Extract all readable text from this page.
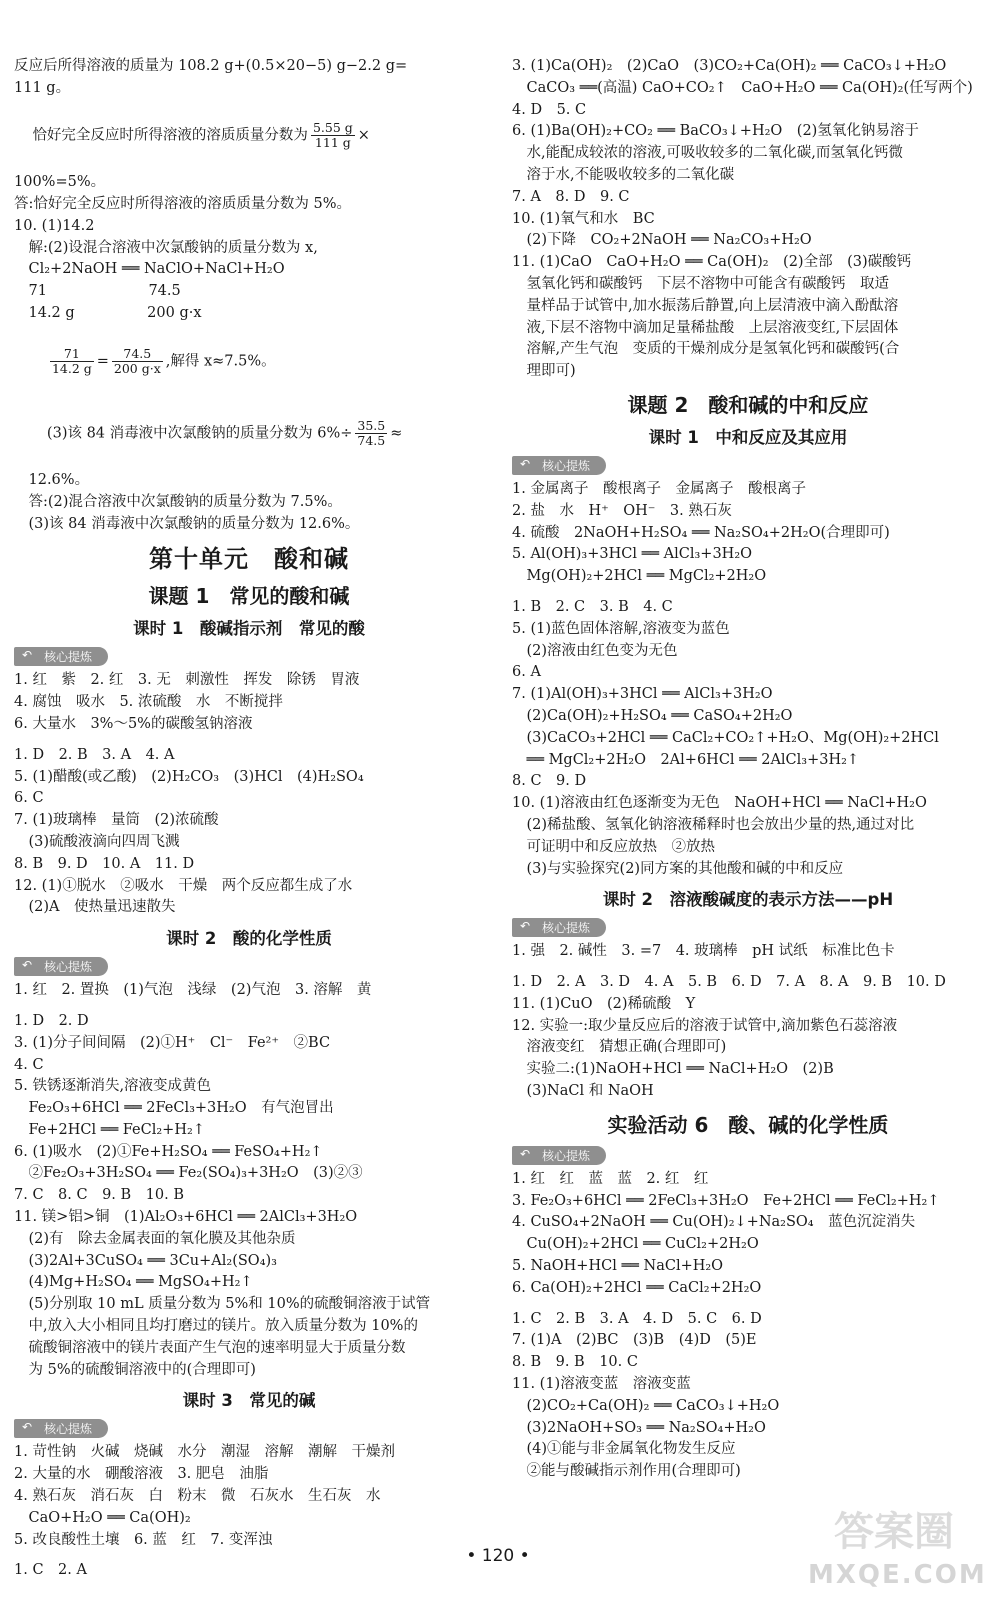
反应后所得溶液的质量为 108.2 g+(0.5×20−5) g−2.2 g=
111 g。

恰好完全反应时所得溶液的溶质质量分数为 $\frac{5.55 g}{111 g}$ ×

100%=5%。
答:恰好完全反应时所得溶液的溶质质量分数为 5%。
10. (1)14.2
　解:(2)设混合溶液中次氯酸钠的质量分数为 x,
　Cl₂+2NaOH ══ NaClO+NaCl+H₂O
　71　　　　　　　74.5
　14.2 g　　　　　200 g·x

$\frac{71}{14.2 g} = \frac{74.5}{200 g\cdot x}$ ,解得 x≈7.5%。

　(3)该 84 消毒液中次氯酸钠的质量分数为 $6\%\div \frac{35.5}{74.5}$ ≈

　12.6%。
　答:(2)混合溶液中次氯酸钠的质量分数为 7.5%。
　(3)该 84 消毒液中次氯酸钠的质量分数为 12.6%。
第十单元　酸和碱
课题 1　常见的酸和碱
课时 1　酸碱指示剂　常见的酸
↶ 核心提炼
1. 红　紫　2. 红　3. 无　刺激性　挥发　除锈　胃液
4. 腐蚀　吸水　5. 浓硫酸　水　不断搅拌
6. 大量水　3%～5%的碳酸氢钠溶液
1. D　2. B　3. A　4. A
5. (1)醋酸(或乙酸)　(2)H₂CO₃　(3)HCl　(4)H₂SO₄
6. C
7. (1)玻璃棒　量筒　(2)浓硫酸
　(3)硫酸液滴向四周飞溅
8. B　9. D　10. A　11. D
12. (1)①脱水　②吸水　干燥　两个反应都生成了水
　(2)A　使热量迅速散失
课时 2　酸的化学性质
↶ 核心提炼
1. 红　2. 置换　(1)气泡　浅绿　(2)气泡　3. 溶解　黄
1. D　2. D
3. (1)分子间间隔　(2)①H⁺　Cl⁻　Fe²⁺　②BC
4. C
5. 铁锈逐渐消失,溶液变成黄色
　Fe₂O₃+6HCl ══ 2FeCl₃+3H₂O　有气泡冒出
　Fe+2HCl ══ FeCl₂+H₂↑
6. (1)吸水　(2)①Fe+H₂SO₄ ══ FeSO₄+H₂↑
　②Fe₂O₃+3H₂SO₄ ══ Fe₂(SO₄)₃+3H₂O　(3)②③
7. C　8. C　9. B　10. B
11. 镁>铝>铜　(1)Al₂O₃+6HCl ══ 2AlCl₃+3H₂O
　(2)有　除去金属表面的氧化膜及其他杂质
　(3)2Al+3CuSO₄ ══ 3Cu+Al₂(SO₄)₃
　(4)Mg+H₂SO₄ ══ MgSO₄+H₂↑
　(5)分别取 10 mL 质量分数为 5%和 10%的硫酸铜溶液于试管
　中,放入大小相同且均打磨过的镁片。放入质量分数为 10%的
　硫酸铜溶液中的镁片表面产生气泡的速率明显大于质量分数
　为 5%的硫酸铜溶液中的(合理即可)
课时 3　常见的碱
↶ 核心提炼
1. 苛性钠　火碱　烧碱　水分　潮湿　溶解　潮解　干燥剂
2. 大量的水　硼酸溶液　3. 肥皂　油脂
4. 熟石灰　消石灰　白　粉末　微　石灰水　生石灰　水
　CaO+H₂O ══ Ca(OH)₂
5. 改良酸性土壤　6. 蓝　红　7. 变浑浊
1. C　2. A
3. (1)Ca(OH)₂　(2)CaO　(3)CO₂+Ca(OH)₂ ══ CaCO₃↓+H₂O
　CaCO₃ ══(高温) CaO+CO₂↑　CaO+H₂O ══ Ca(OH)₂(任写两个)
4. D　5. C
6. (1)Ba(OH)₂+CO₂ ══ BaCO₃↓+H₂O　(2)氢氧化钠易溶于
　水,能配成较浓的溶液,可吸收较多的二氧化碳,而氢氧化钙微
　溶于水,不能吸收较多的二氧化碳
7. A　8. D　9. C
10. (1)氧气和水　BC
　(2)下降　CO₂+2NaOH ══ Na₂CO₃+H₂O
11. (1)CaO　CaO+H₂O ══ Ca(OH)₂　(2)全部　(3)碳酸钙
　氢氧化钙和碳酸钙　下层不溶物中可能含有碳酸钙　取适
　量样品于试管中,加水振荡后静置,向上层清液中滴入酚酞溶
　液,下层不溶物中滴加足量稀盐酸　上层溶液变红,下层固体
　溶解,产生气泡　变质的干燥剂成分是氢氧化钙和碳酸钙(合
　理即可)
课题 2　酸和碱的中和反应
课时 1　中和反应及其应用
↶ 核心提炼
1. 金属离子　酸根离子　金属离子　酸根离子
2. 盐　水　H⁺　OH⁻　3. 熟石灰
4. 硫酸　2NaOH+H₂SO₄ ══ Na₂SO₄+2H₂O(合理即可)
5. Al(OH)₃+3HCl ══ AlCl₃+3H₂O
　Mg(OH)₂+2HCl ══ MgCl₂+2H₂O
1. B　2. C　3. B　4. C
5. (1)蓝色固体溶解,溶液变为蓝色
　(2)溶液由红色变为无色
6. A
7. (1)Al(OH)₃+3HCl ══ AlCl₃+3H₂O
　(2)Ca(OH)₂+H₂SO₄ ══ CaSO₄+2H₂O
　(3)CaCO₃+2HCl ══ CaCl₂+CO₂↑+H₂O、Mg(OH)₂+2HCl
　══ MgCl₂+2H₂O　2Al+6HCl ══ 2AlCl₃+3H₂↑
8. C　9. D
10. (1)溶液由红色逐渐变为无色　NaOH+HCl ══ NaCl+H₂O
　(2)稀盐酸、氢氧化钠溶液稀释时也会放出少量的热,通过对比
　可证明中和反应放热　②放热
　(3)与实验探究(2)同方案的其他酸和碱的中和反应
课时 2　溶液酸碱度的表示方法——pH
↶ 核心提炼
1. 强　2. 碱性　3. =7　4. 玻璃棒　pH 试纸　标准比色卡
1. D　2. A　3. D　4. A　5. B　6. D　7. A　8. A　9. B　10. D
11. (1)CuO　(2)稀硫酸　Y
12. 实验一:取少量反应后的溶液于试管中,滴加紫色石蕊溶液
　溶液变红　猜想正确(合理即可)
　实验二:(1)NaOH+HCl ══ NaCl+H₂O　(2)B
　(3)NaCl 和 NaOH
实验活动 6　酸、碱的化学性质
↶ 核心提炼
1. 红　红　蓝　蓝　2. 红　红
3. Fe₂O₃+6HCl ══ 2FeCl₃+3H₂O　Fe+2HCl ══ FeCl₂+H₂↑
4. CuSO₄+2NaOH ══ Cu(OH)₂↓+Na₂SO₄　蓝色沉淀消失
　Cu(OH)₂+2HCl ══ CuCl₂+2H₂O
5. NaOH+HCl ══ NaCl+H₂O
6. Ca(OH)₂+2HCl ══ CaCl₂+2H₂O
1. C　2. B　3. A　4. D　5. C　6. D
7. (1)A　(2)BC　(3)B　(4)D　(5)E
8. B　9. B　10. C
11. (1)溶液变蓝　溶液变蓝
　(2)CO₂+Ca(OH)₂ ══ CaCO₃↓+H₂O
　(3)2NaOH+SO₃ ══ Na₂SO₄+H₂O
　(4)①能与非金属氧化物发生反应
　②能与酸碱指示剂作用(合理即可)
• 120 •
答案圈
MXQE.COM
